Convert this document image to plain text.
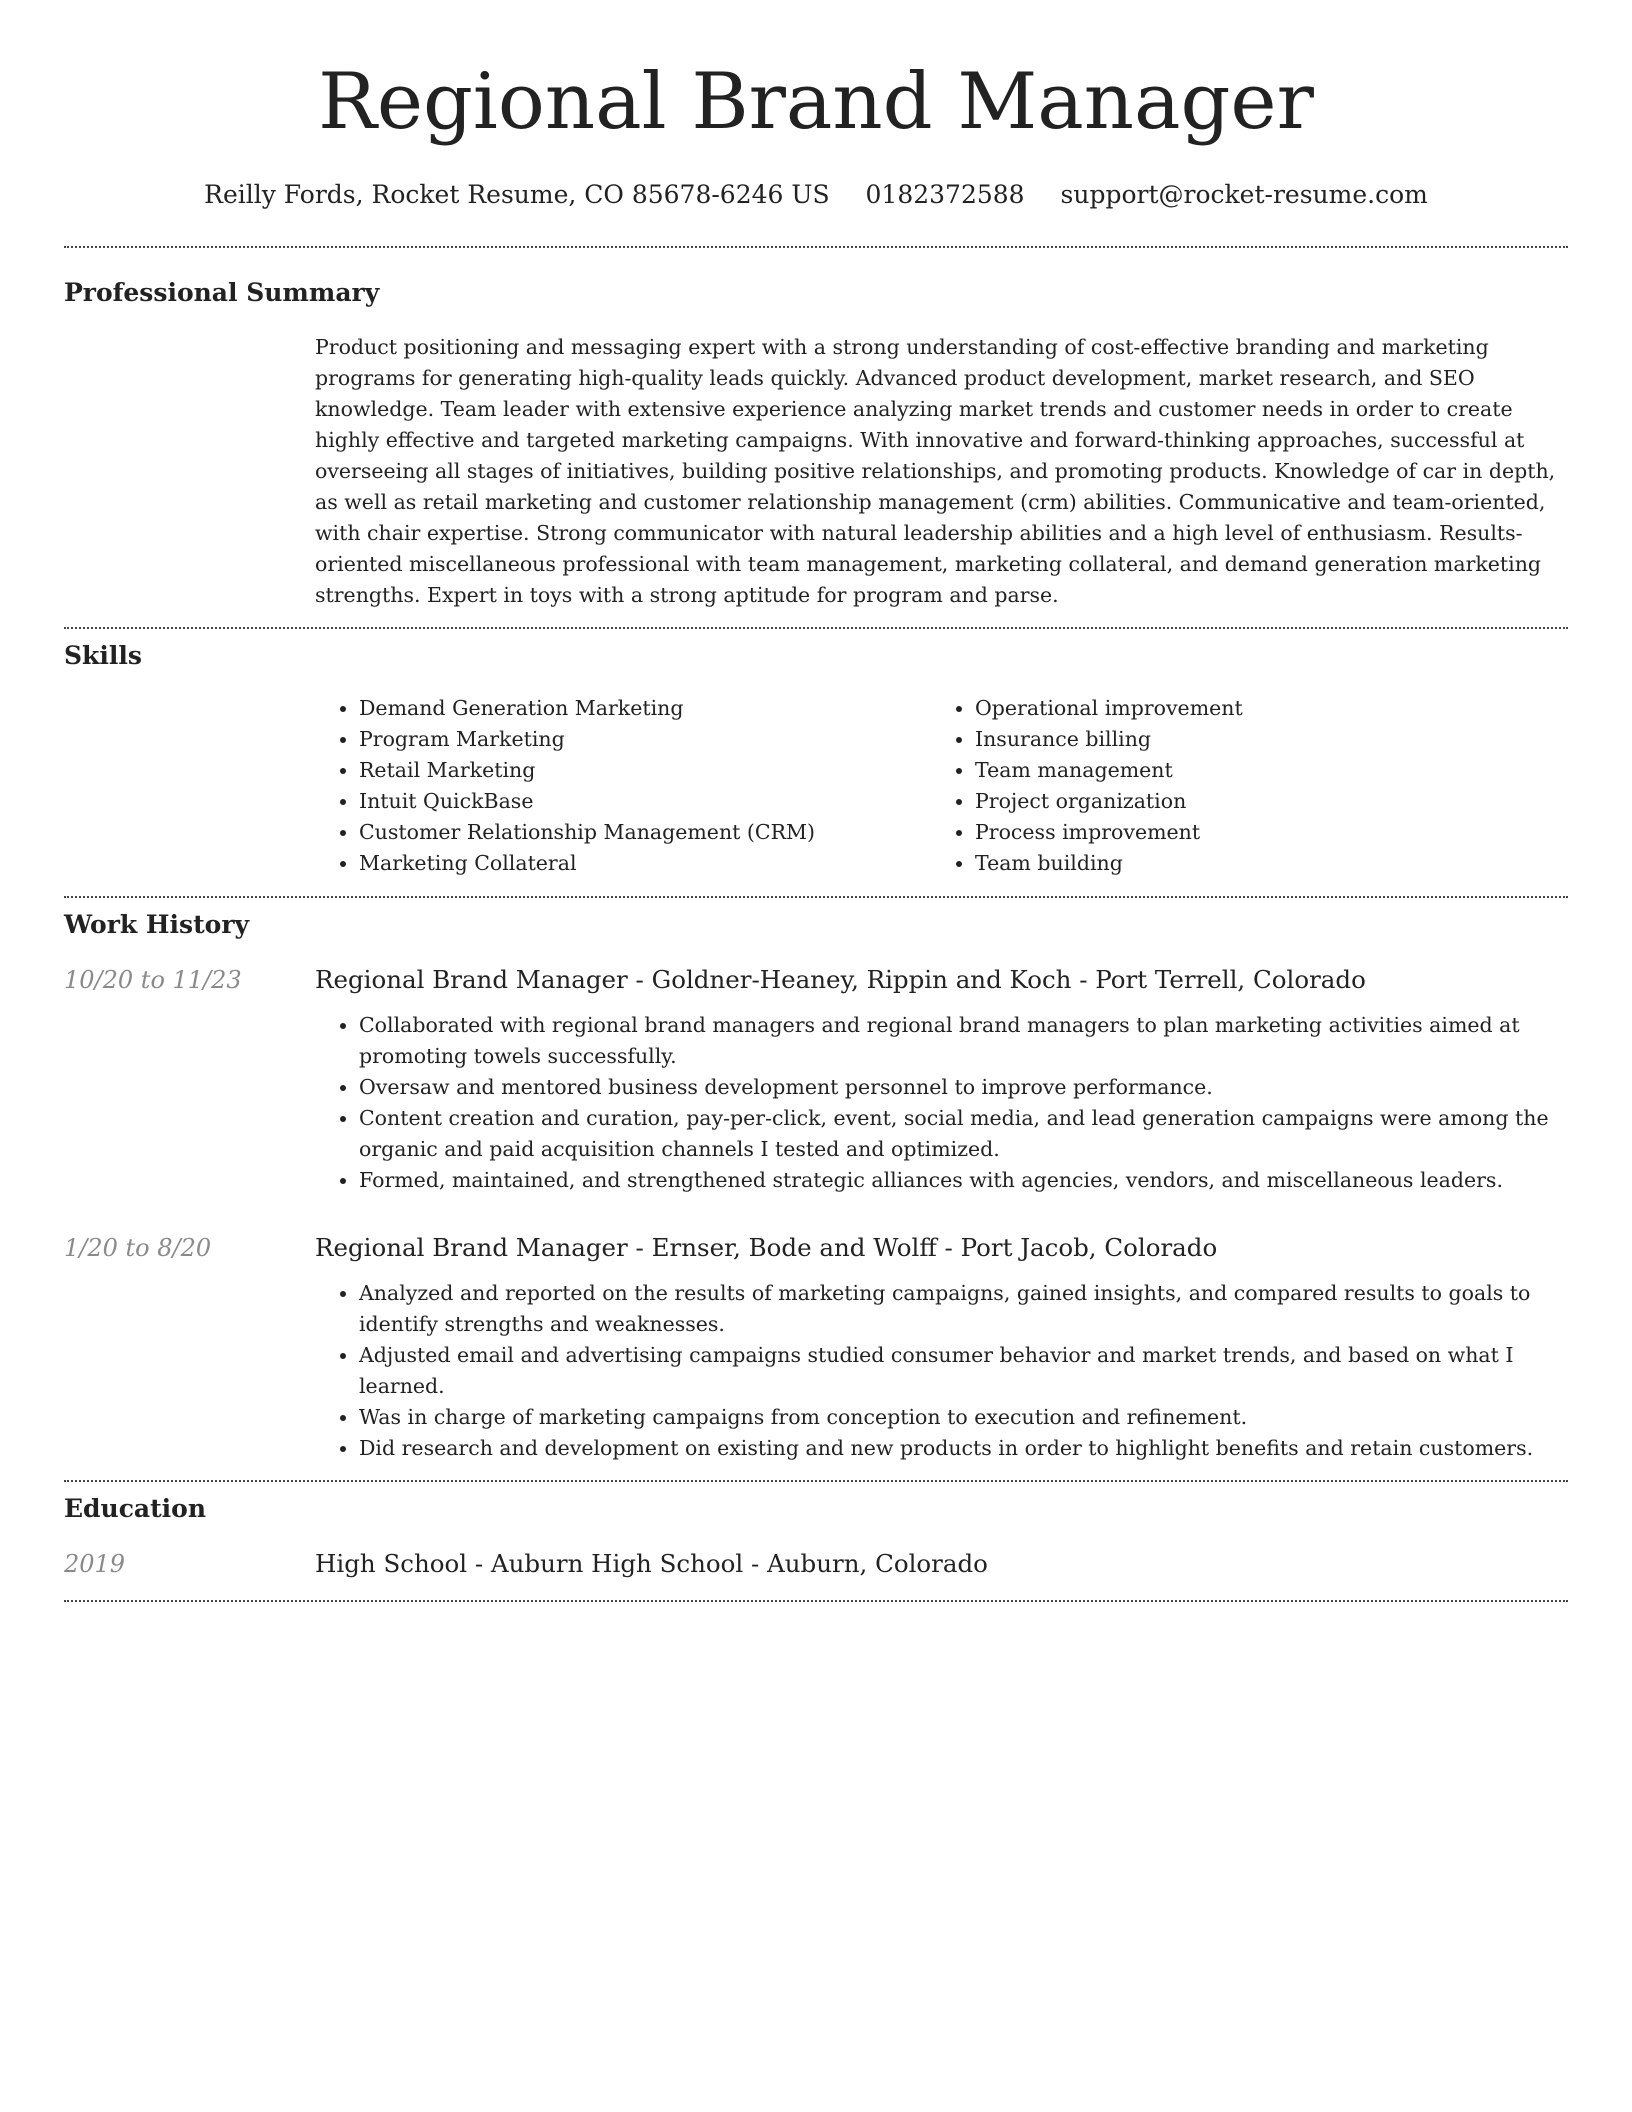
Regional Brand Manager
Reilly Fords, Rocket Resume, CO 85678-6246 US 0182372588 support@rocket-resume.com
Professional Summary

Product positioning and messaging expert with a strong understanding of cost-effective branding and marketing programs for generating high-quality leads quickly. Advanced product development, market research, and SEO knowledge. Team leader with extensive experience analyzing market trends and customer needs in order to create highly effective and targeted marketing campaigns. With innovative and forward-thinking approaches, successful at overseeing all stages of initiatives, building positive relationships, and promoting products. Knowledge of car in depth, as well as retail marketing and customer relationship management (crm) abilities. Communicative and team-oriented, with chair expertise. Strong communicator with natural leadership abilities and a high level of enthusiasm. Results-oriented miscellaneous professional with team management, marketing collateral, and demand generation marketing strengths. Expert in toys with a strong aptitude for program and parse.

Skills
• Demand Generation Marketing
• Program Marketing
• Retail Marketing
• Intuit QuickBase
• Customer Relationship Management (CRM)
• Marketing Collateral
• Operational improvement
• Insurance billing
• Team management
• Project organization
• Process improvement
• Team building
Work History
10/20 to 11/23	Regional Brand Manager - Goldner-Heaney, Rippin and Koch - Port Terrell, Colorado
• Collaborated with regional brand managers and regional brand managers to plan marketing activities aimed at promoting towels successfully.
• Oversaw and mentored business development personnel to improve performance.
• Content creation and curation, pay-per-click, event, social media, and lead generation campaigns were among the organic and paid acquisition channels I tested and optimized.
• Formed, maintained, and strengthened strategic alliances with agencies, vendors, and miscellaneous leaders.
1/20 to 8/20	Regional Brand Manager - Ernser, Bode and Wolff - Port Jacob, Colorado
• Analyzed and reported on the results of marketing campaigns, gained insights, and compared results to goals to identify strengths and weaknesses.
• Adjusted email and advertising campaigns studied consumer behavior and market trends, and based on what I learned.
• Was in charge of marketing campaigns from conception to execution and refinement.
• Did research and development on existing and new products in order to highlight benefits and retain customers.
Education
2019	High School - Auburn High School - Auburn, Colorado
